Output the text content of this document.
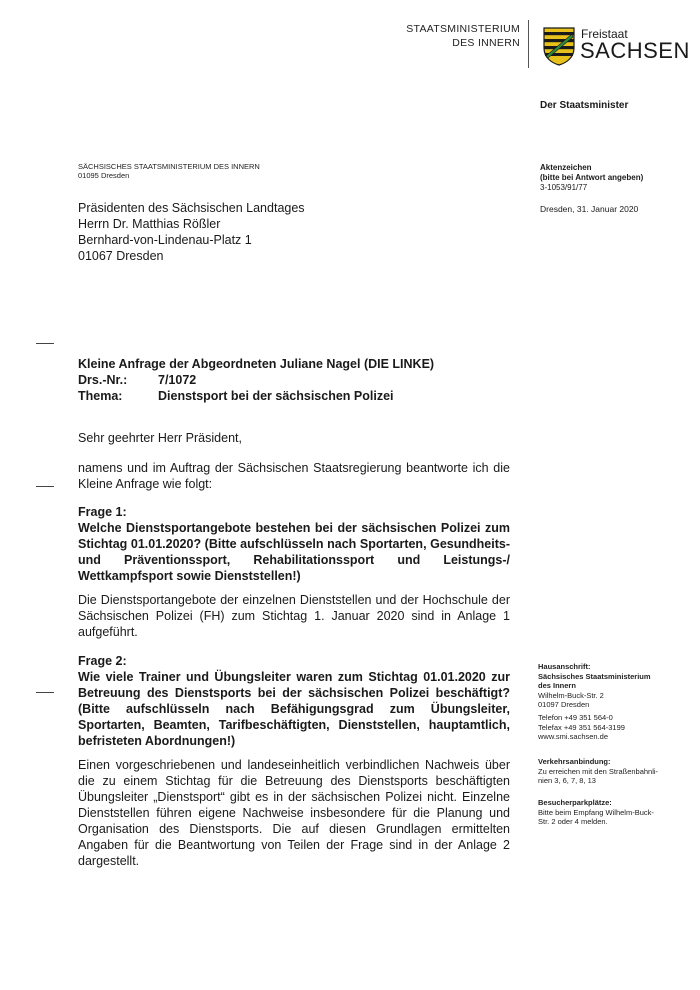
STAATSMINISTERIUM
DES INNERN
Freistaat
SACHSEN
Der Staatsminister
SÄCHSISCHES STAATSMINISTERIUM DES INNERN
01095 Dresden
Aktenzeichen
(bitte bei Antwort angeben)
3-1053/91/77
Dresden, 31. Januar 2020
Präsidenten des Sächsischen Landtages
Herrn Dr. Matthias Rößler
Bernhard-von-Lindenau-Platz 1
01067 Dresden
Kleine Anfrage der Abgeordneten Juliane Nagel (DIE LINKE)
Drs.-Nr.:	7/1072
Thema:	Dienstsport bei der sächsischen Polizei
Sehr geehrter Herr Präsident,
namens und im Auftrag der Sächsischen Staatsregierung beantworte ich die Kleine Anfrage wie folgt:
Frage 1:
Welche Dienstsportangebote bestehen bei der sächsischen Polizei zum Stichtag 01.01.2020? (Bitte aufschlüsseln nach Sportarten, Gesundheits- und Präventionssport, Rehabilitationssport und Leistungs-/ Wettkampfsport sowie Dienststellen!)
Die Dienstsportangebote der einzelnen Dienststellen und der Hochschule der Sächsischen Polizei (FH) zum Stichtag 1. Januar 2020 sind in Anlage 1 aufgeführt.
Frage 2:
Wie viele Trainer und Übungsleiter waren zum Stichtag 01.01.2020 zur Betreuung des Dienstsports bei der sächsischen Polizei beschäftigt? (Bitte aufschlüsseln nach Befähigungsgrad zum Übungsleiter, Sportarten, Beamten, Tarifbeschäftigten, Dienststellen, hauptamtlich, befristeten Abordnungen!)
Einen vorgeschriebenen und landeseinheitlich verbindlichen Nachweis über die zu einem Stichtag für die Betreuung des Dienstsports beschäftigten Übungsleiter „Dienstsport“ gibt es in der sächsischen Polizei nicht. Einzelne Dienststellen führen eigene Nachweise insbesondere für die Planung und Organisation des Dienstsports. Die auf diesen Grundlagen ermittelten Angaben für die Beantwortung von Teilen der Frage sind in der Anlage 2 dargestellt.
Hausanschrift:
Sächsisches Staatsministerium
des Innern
Wilhelm-Buck-Str. 2
01097 Dresden
Telefon +49 351 564-0
Telefax +49 351 564-3199
www.smi.sachsen.de
Verkehrsanbindung:
Zu erreichen mit den Straßenbahnli-
nien 3, 6, 7, 8, 13
Besucherparkplätze:
Bitte beim Empfang Wilhelm-Buck-
Str. 2 oder 4 melden.
